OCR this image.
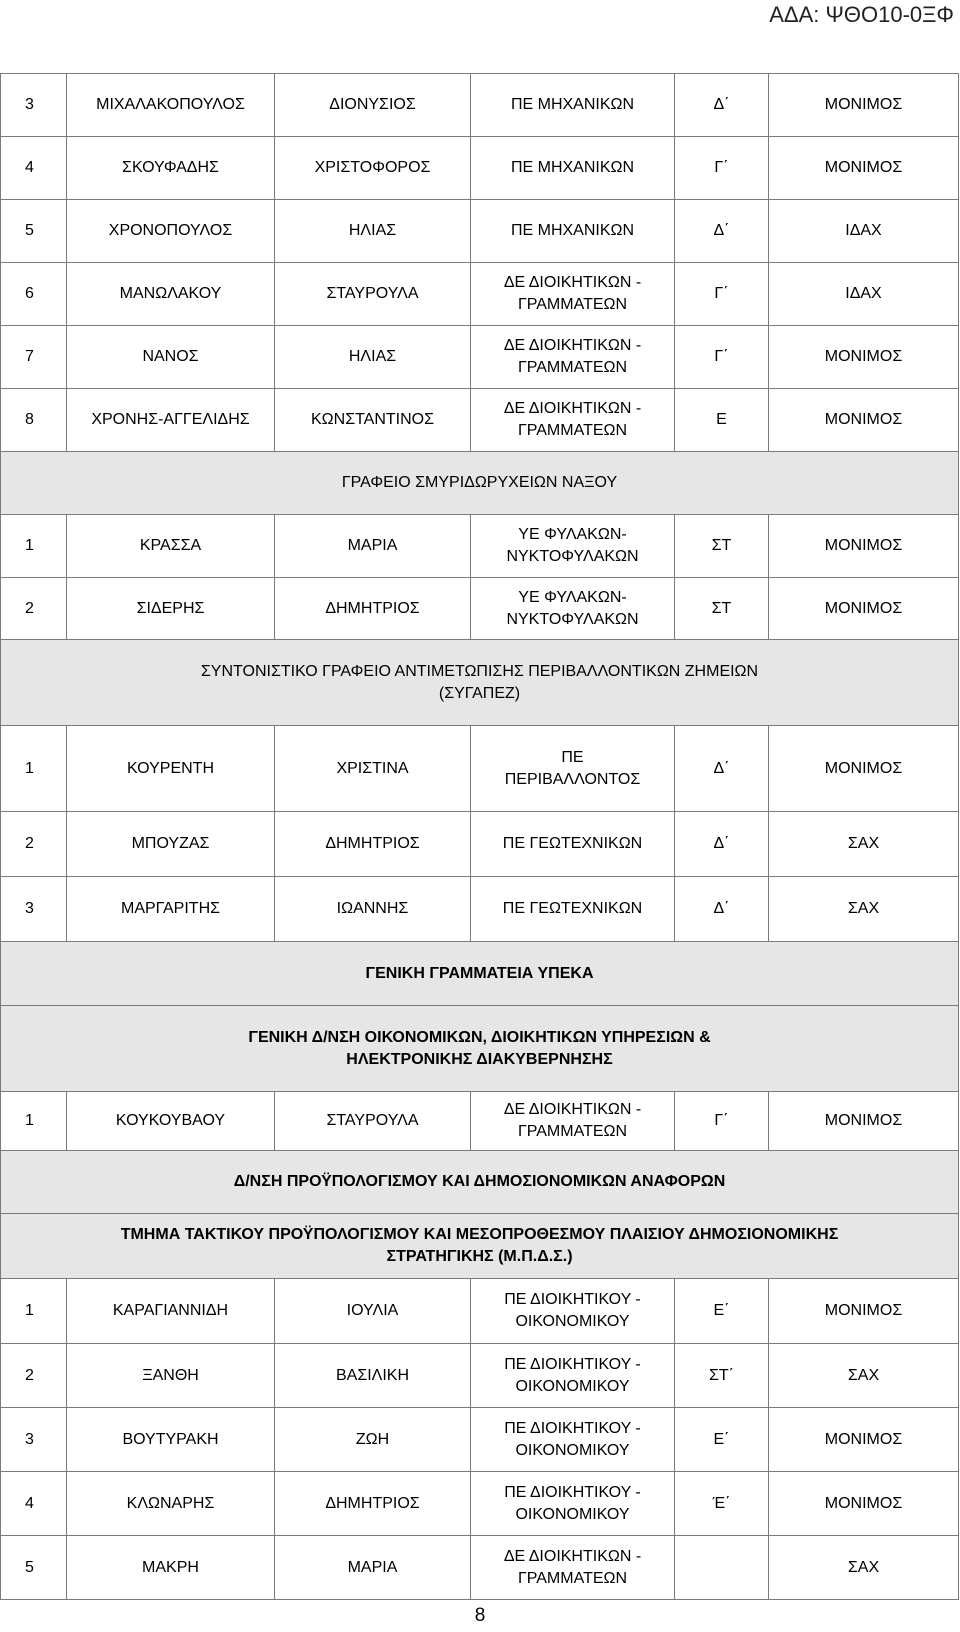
ΑΔΑ: ΨΘΟ10-0ΞΦ
3	ΜΙΧΑΛΑΚΟΠΟΥΛΟΣ	ΔΙΟΝΥΣΙΟΣ	ΠΕ ΜΗΧΑΝΙΚΩΝ	Δ΄	ΜΟΝΙΜΟΣ
4	ΣΚΟΥΦΑΔΗΣ	ΧΡΙΣΤΟΦΟΡΟΣ	ΠΕ ΜΗΧΑΝΙΚΩΝ	Γ΄	ΜΟΝΙΜΟΣ
5	ΧΡΟΝΟΠΟΥΛΟΣ	ΗΛΙΑΣ	ΠΕ ΜΗΧΑΝΙΚΩΝ	Δ΄	ΙΔΑΧ
6	ΜΑΝΩΛΑΚΟΥ	ΣΤΑΥΡΟΥΛΑ	ΔΕ ΔΙΟΙΚΗΤΙΚΩΝ -
ΓΡΑΜΜΑΤΕΩΝ	Γ΄	ΙΔΑΧ
7	ΝΑΝΟΣ	ΗΛΙΑΣ	ΔΕ ΔΙΟΙΚΗΤΙΚΩΝ -
ΓΡΑΜΜΑΤΕΩΝ	Γ΄	ΜΟΝΙΜΟΣ
8	ΧΡΟΝΗΣ-ΑΓΓΕΛΙΔΗΣ	ΚΩΝΣΤΑΝΤΙΝΟΣ	ΔΕ ΔΙΟΙΚΗΤΙΚΩΝ -
ΓΡΑΜΜΑΤΕΩΝ	Ε	ΜΟΝΙΜΟΣ
ΓΡΑΦΕΙΟ ΣΜΥΡΙΔΩΡΥΧΕΙΩΝ ΝΑΞΟΥ					
1	ΚΡΑΣΣΑ	ΜΑΡΙΑ	ΥΕ ΦΥΛΑΚΩΝ-
ΝΥΚΤΟΦΥΛΑΚΩΝ	ΣΤ	ΜΟΝΙΜΟΣ
2	ΣΙΔΕΡΗΣ	ΔΗΜΗΤΡΙΟΣ	ΥΕ ΦΥΛΑΚΩΝ-
ΝΥΚΤΟΦΥΛΑΚΩΝ	ΣΤ	ΜΟΝΙΜΟΣ

ΣΥΝΤΟΝΙΣΤΙΚΟ ΓΡΑΦΕΙΟ ΑΝΤΙΜΕΤΩΠΙΣΗΣ ΠΕΡΙΒΑΛΛΟΝΤΙΚΩΝ ΖΗΜΕΙΩΝ
(ΣΥΓΑΠΕΖ)					

1	ΚΟΥΡΕΝΤΗ	ΧΡΙΣΤΙΝΑ	ΠΕ
ΠΕΡΙΒΑΛΛΟΝΤΟΣ	Δ΄	ΜΟΝΙΜΟΣ
2	ΜΠΟΥΖΑΣ	ΔΗΜΗΤΡΙΟΣ	ΠΕ ΓΕΩΤΕΧΝΙΚΩΝ	Δ΄	ΣΑΧ
3	ΜΑΡΓΑΡΙΤΗΣ	ΙΩΑΝΝΗΣ	ΠΕ ΓΕΩΤΕΧΝΙΚΩΝ	Δ΄	ΣΑΧ
ΓΕΝΙΚΗ ΓΡΑΜΜΑΤΕΙΑ ΥΠΕΚΑ					

ΓΕΝΙΚΗ Δ/ΝΣΗ ΟΙΚΟΝΟΜΙΚΩΝ, ΔΙΟΙΚΗΤΙΚΩΝ ΥΠΗΡΕΣΙΩΝ &
ΗΛΕΚΤΡΟΝΙΚΗΣ ΔΙΑΚΥΒΕΡΝΗΣΗΣ					

1	ΚΟΥΚΟΥΒΑΟΥ	ΣΤΑΥΡΟΥΛΑ	ΔΕ ΔΙΟΙΚΗΤΙΚΩΝ -
ΓΡΑΜΜΑΤΕΩΝ	Γ΄	ΜΟΝΙΜΟΣ
Δ/ΝΣΗ ΠΡΟΫΠΟΛΟΓΙΣΜΟΥ ΚΑΙ ΔΗΜΟΣΙΟΝΟΜΙΚΩΝ ΑΝΑΦΟΡΩΝ					

ΤΜΗΜΑ ΤΑΚΤΙΚΟΥ ΠΡΟΫΠΟΛΟΓΙΣΜΟΥ ΚΑΙ ΜΕΣΟΠΡΟΘΕΣΜΟΥ ΠΛΑΙΣΙΟΥ ΔΗΜΟΣΙΟΝΟΜΙΚΗΣ
ΣΤΡΑΤΗΓΙΚΗΣ (Μ.Π.Δ.Σ.)					

1	ΚΑΡΑΓΙΑΝΝΙΔΗ	ΙΟΥΛΙΑ	ΠΕ ΔΙΟΙΚΗΤΙΚΟΥ -
ΟΙΚΟΝΟΜΙΚΟΥ	Ε΄	ΜΟΝΙΜΟΣ
2	ΞΑΝΘΗ	ΒΑΣΙΛΙΚΗ	ΠΕ ΔΙΟΙΚΗΤΙΚΟΥ -
ΟΙΚΟΝΟΜΙΚΟΥ	ΣΤ΄	ΣΑΧ
3	ΒΟΥΤΥΡΑΚΗ	ΖΩΗ	ΠΕ ΔΙΟΙΚΗΤΙΚΟΥ -
ΟΙΚΟΝΟΜΙΚΟΥ	Ε΄	ΜΟΝΙΜΟΣ
4	ΚΛΩΝΑΡΗΣ	ΔΗΜΗΤΡΙΟΣ	ΠΕ ΔΙΟΙΚΗΤΙΚΟΥ -
ΟΙΚΟΝΟΜΙΚΟΥ	Έ΄	ΜΟΝΙΜΟΣ
5	ΜΑΚΡΗ	ΜΑΡΙΑ	ΔΕ ΔΙΟΙΚΗΤΙΚΩΝ -
ΓΡΑΜΜΑΤΕΩΝ		ΣΑΧ
8
